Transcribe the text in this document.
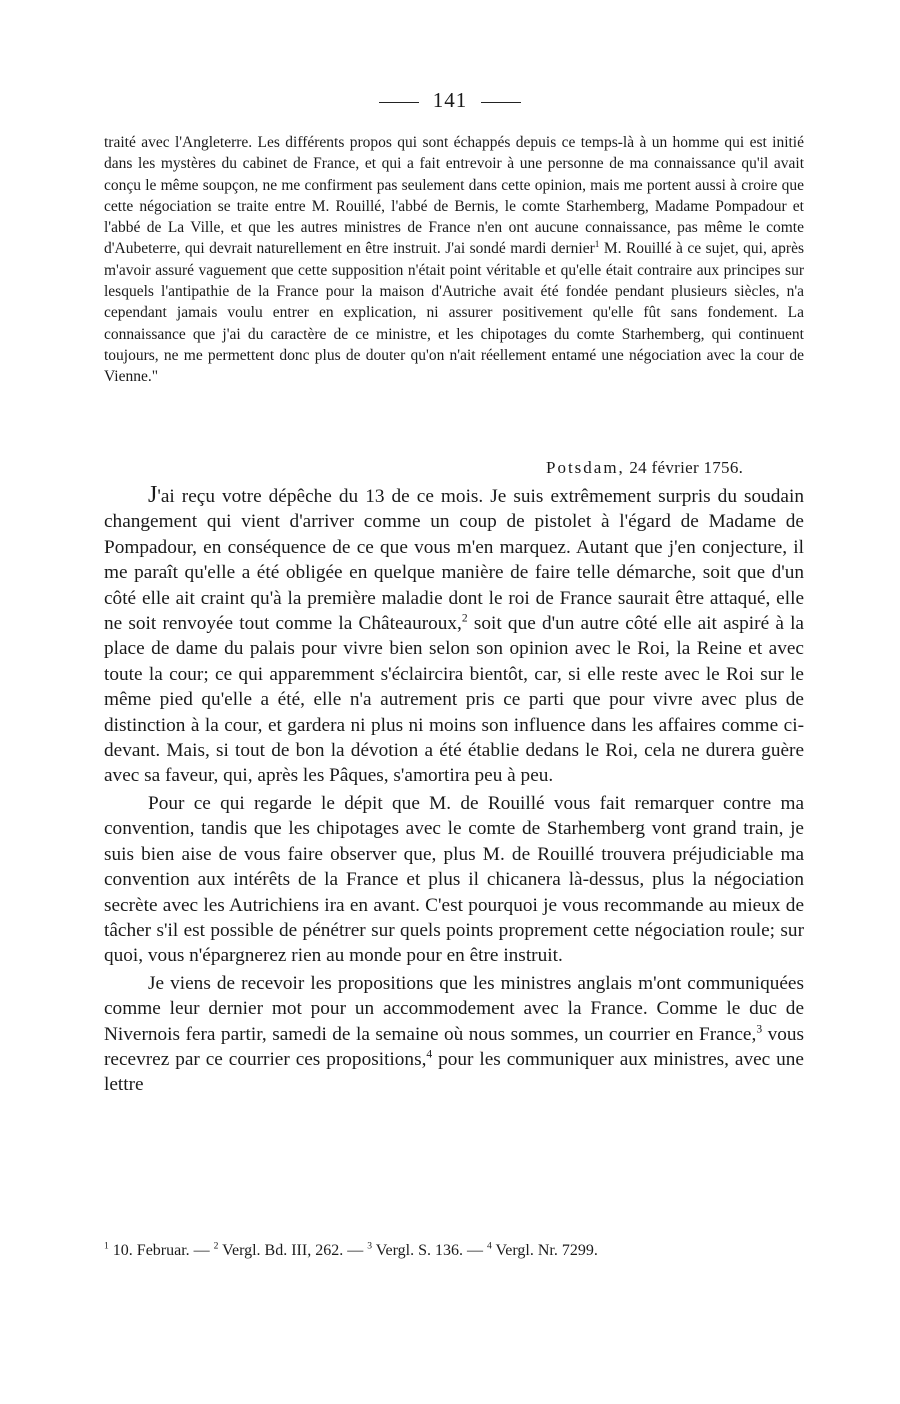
141

traité avec l'Angleterre. Les différents propos qui sont échappés depuis ce temps-là à un homme qui est initié dans les mystères du cabinet de France, et qui a fait entrevoir à une personne de ma connaissance qu'il avait conçu le même soupçon, ne me confirment pas seulement dans cette opinion, mais me portent aussi à croire que cette négociation se traite entre M. Rouillé, l'abbé de Bernis, le comte Starhemberg, Madame Pompadour et l'abbé de La Ville, et que les autres ministres de France n'en ont aucune connaissance, pas même le comte d'Aubeterre, qui devrait naturellement en être instruit. J'ai sondé mardi dernier$^1$ M. Rouillé à ce sujet, qui, après m'avoir assuré vaguement que cette supposition n'était point véritable et qu'elle était contraire aux principes sur lesquels l'antipathie de la France pour la maison d'Autriche avait été fondée pendant plusieurs siècles, n'a cependant jamais voulu entrer en explication, ni assurer positivement qu'elle fût sans fondement. La connaissance que j'ai du caractère de ce ministre, et les chipotages du comte Starhemberg, qui continuent toujours, ne me permettent donc plus de douter qu'on n'ait réellement entamé une négociation avec la cour de Vienne."

Potsdam, 24 février 1756.

J'ai reçu votre dépêche du 13 de ce mois. Je suis extrêmement surpris du soudain changement qui vient d'arriver comme un coup de pistolet à l'égard de Madame de Pompadour, en conséquence de ce que vous m'en marquez. Autant que j'en conjecture, il me paraît qu'elle a été obligée en quelque manière de faire telle démarche, soit que d'un côté elle ait craint qu'à la première maladie dont le roi de France saurait être attaqué, elle ne soit renvoyée tout comme la Châteauroux,$^2$ soit que d'un autre côté elle ait aspiré à la place de dame du palais pour vivre bien selon son opinion avec le Roi, la Reine et avec toute la cour; ce qui apparemment s'éclaircira bientôt, car, si elle reste avec le Roi sur le même pied qu'elle a été, elle n'a autrement pris ce parti que pour vivre avec plus de distinction à la cour, et gardera ni plus ni moins son influence dans les affaires comme ci-devant. Mais, si tout de bon la dévotion a été établie dedans le Roi, cela ne durera guère avec sa faveur, qui, après les Pâques, s'amortira peu à peu.

Pour ce qui regarde le dépit que M. de Rouillé vous fait remarquer contre ma convention, tandis que les chipotages avec le comte de Starhemberg vont grand train, je suis bien aise de vous faire observer que, plus M. de Rouillé trouvera préjudiciable ma convention aux intérêts de la France et plus il chicanera là-dessus, plus la négociation secrète avec les Autrichiens ira en avant. C'est pourquoi je vous recommande au mieux de tâcher s'il est possible de pénétrer sur quels points proprement cette négociation roule; sur quoi, vous n'épargnerez rien au monde pour en être instruit.

Je viens de recevoir les propositions que les ministres anglais m'ont communiquées comme leur dernier mot pour un accommodement avec la France. Comme le duc de Nivernois fera partir, samedi de la semaine où nous sommes, un courrier en France,$^3$ vous recevrez par ce courrier ces propositions,$^4$ pour les communiquer aux ministres, avec une lettre

$^1$ 10. Februar. — $^2$ Vergl. Bd. III, 262. — $^3$ Vergl. S. 136. — $^4$ Vergl. Nr. 7299.
